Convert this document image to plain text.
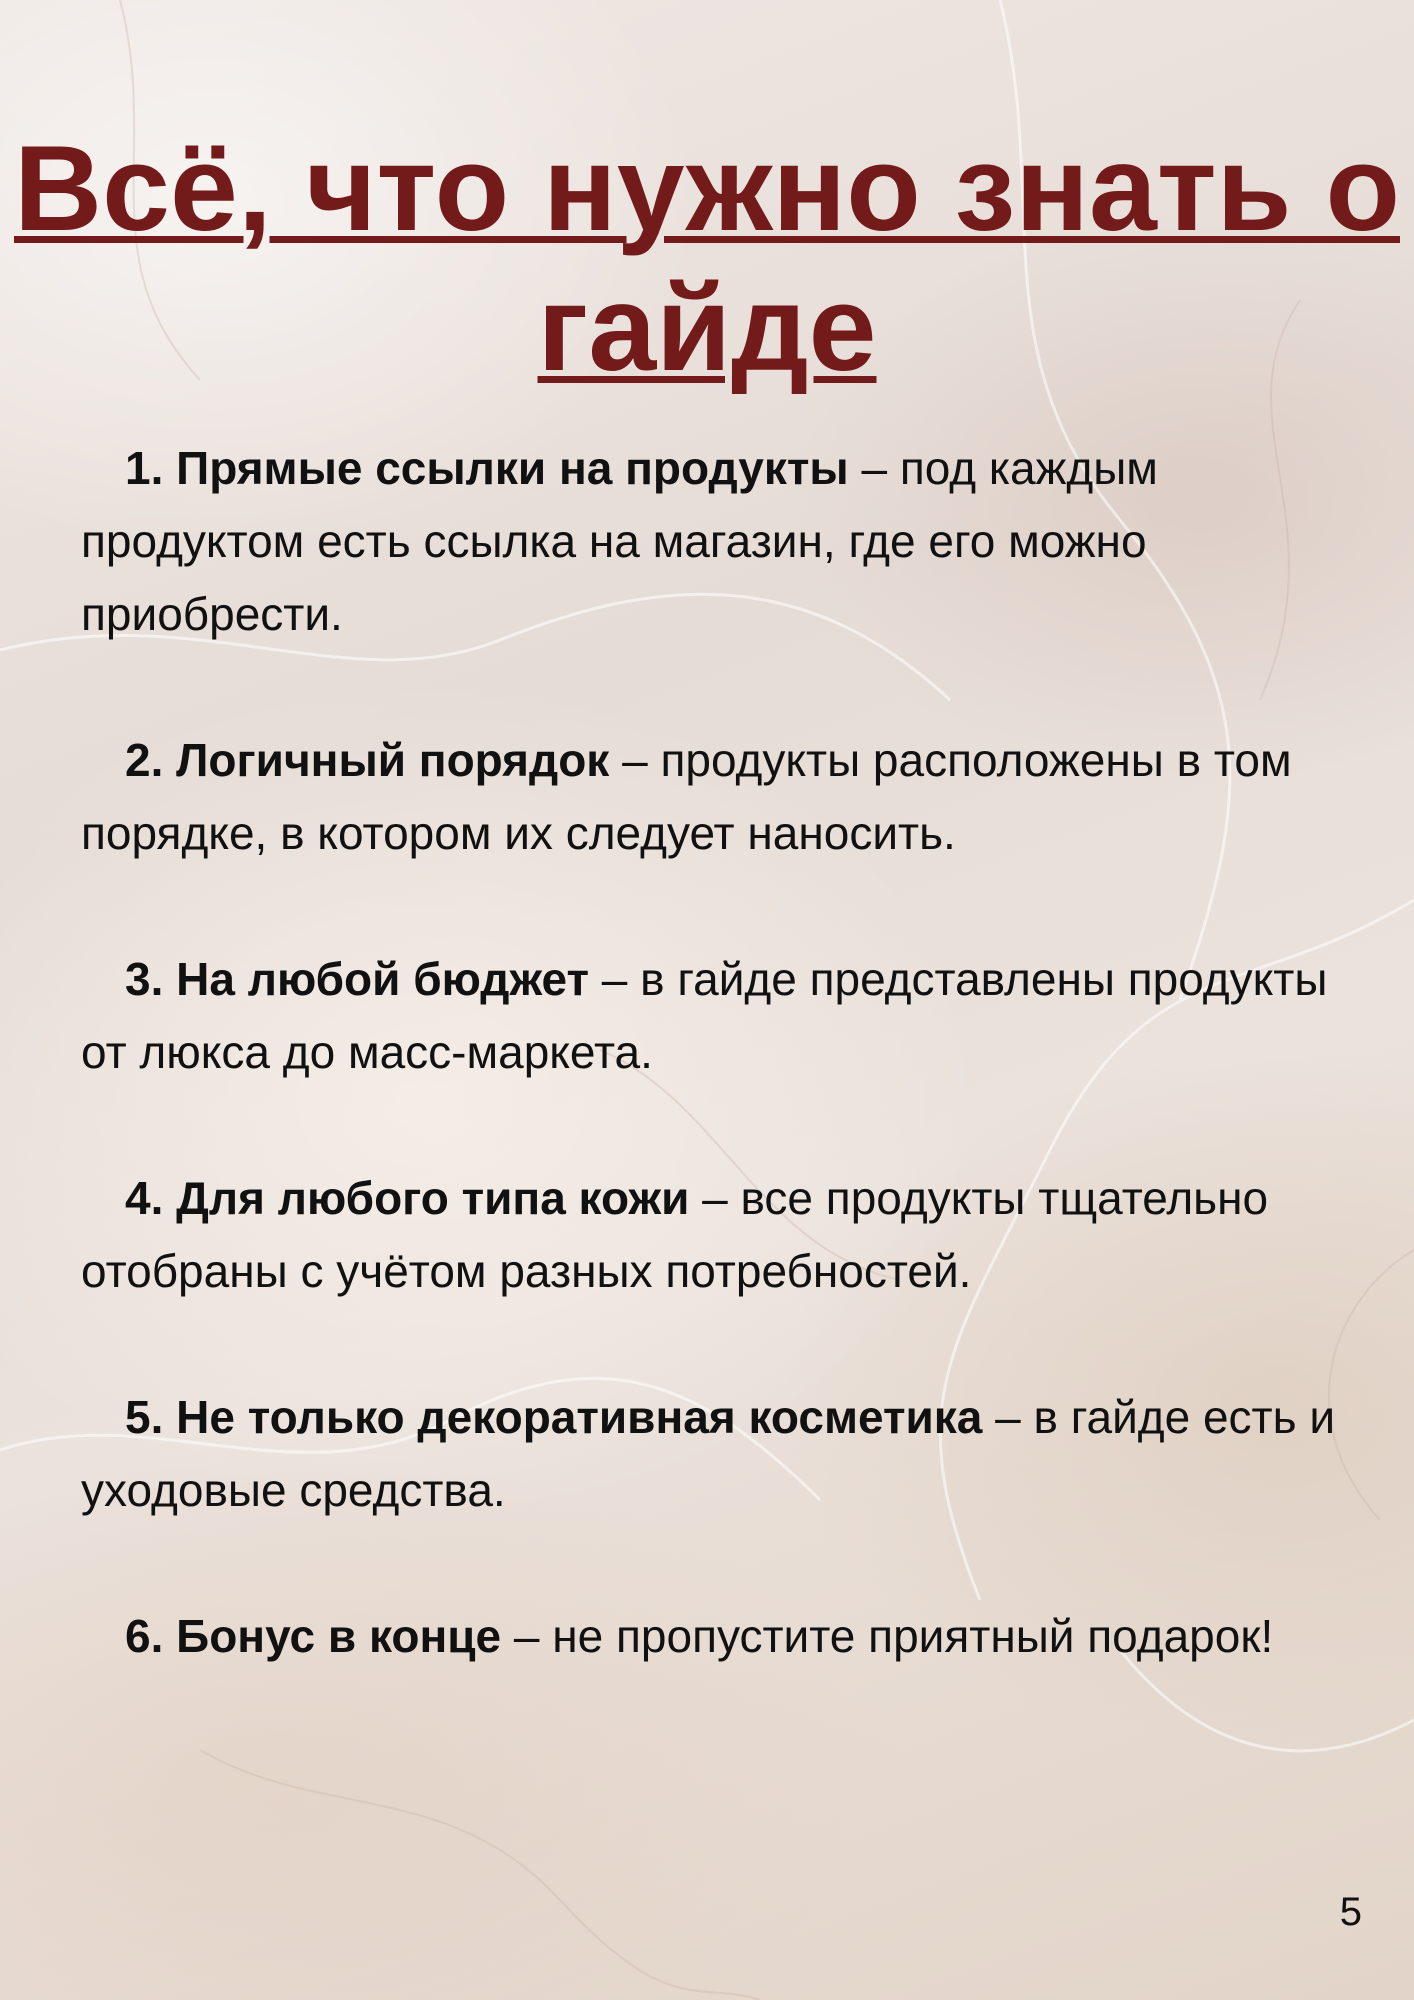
Всё, что нужно знать о гайде

1. Прямые ссылки на продукты – под каждым продуктом есть ссылка на магазин, где его можно приобрести.

2. Логичный порядок – продукты расположены в том порядке, в котором их следует наносить.

3. На любой бюджет – в гайде представлены продукты от люкса до масс-маркета.

4. Для любого типа кожи – все продукты тщательно отобраны с учётом разных потребностей.

5. Не только декоративная косметика – в гайде есть и уходовые средства.

6. Бонус в конце – не пропустите приятный подарок!

5
